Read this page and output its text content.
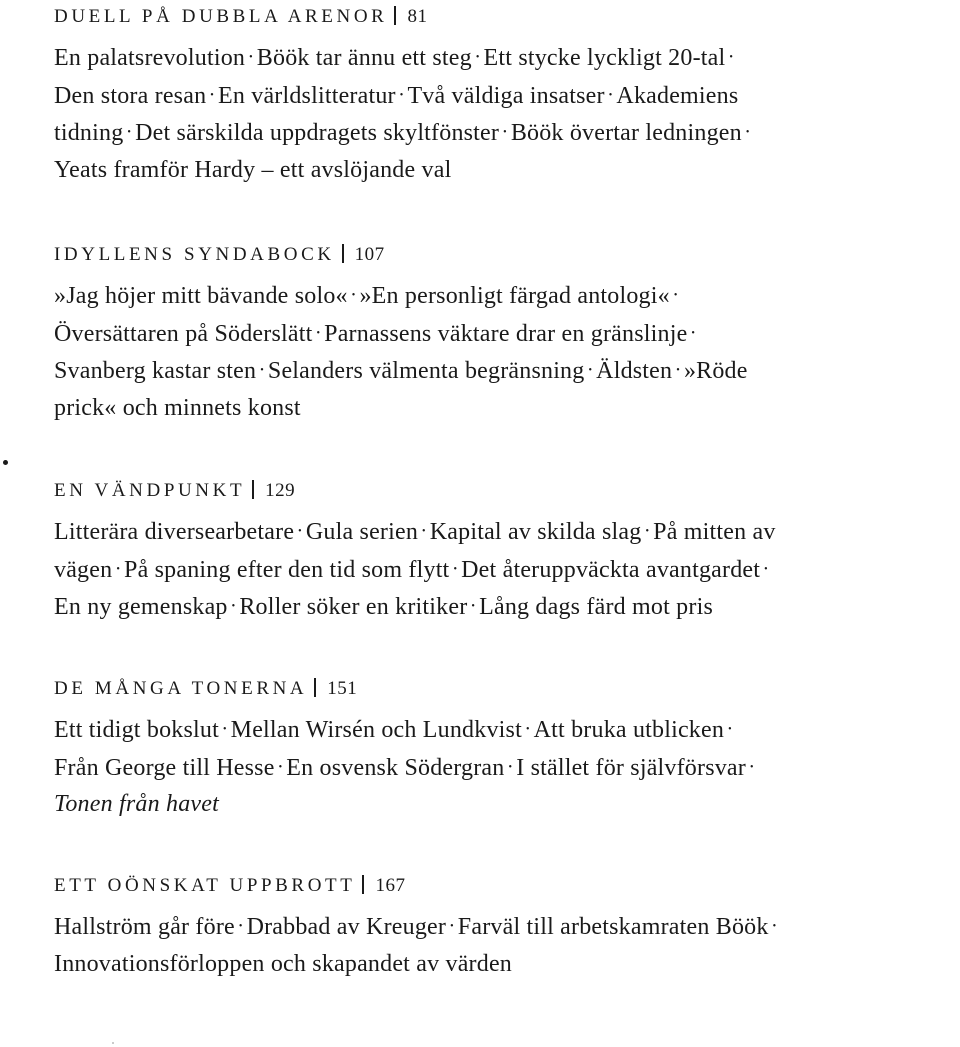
DUELL PÅ DUBBLA ARENOR 81
En palatsrevolution • Böök tar ännu ett steg • Ett stycke lyckligt 20-tal •
Den stora resan • En världslitteratur • Två väldiga insatser • Akademiens
tidning • Det särskilda uppdragets skyltfönster • Böök övertar ledningen •
Yeats framför Hardy – ett avslöjande val
IDYLLENS SYNDABOCK 107
»Jag höjer mitt bävande solo« • »En personligt färgad antologi« •
Översättaren på Söderslätt • Parnassens väktare drar en gränslinje •
Svanberg kastar sten • Selanders välmenta begränsning • Äldsten • »Röde
prick« och minnets konst
EN VÄNDPUNKT 129
Litterära diversearbetare • Gula serien • Kapital av skilda slag • På mitten av
vägen • På spaning efter den tid som flytt • Det återuppväckta avantgardet •
En ny gemenskap • Roller söker en kritiker • Lång dags färd mot pris
DE MÅNGA TONERNA 151
Ett tidigt bokslut • Mellan Wirsén och Lundkvist • Att bruka utblicken •
Från George till Hesse • En osvensk Södergran • I stället för självförsvar •
Tonen från havet
ETT OÖNSKAT UPPBROTT 167
Hallström går före • Drabbad av Kreuger • Farväl till arbetskamraten Böök •
Innovationsförloppen och skapandet av värden
